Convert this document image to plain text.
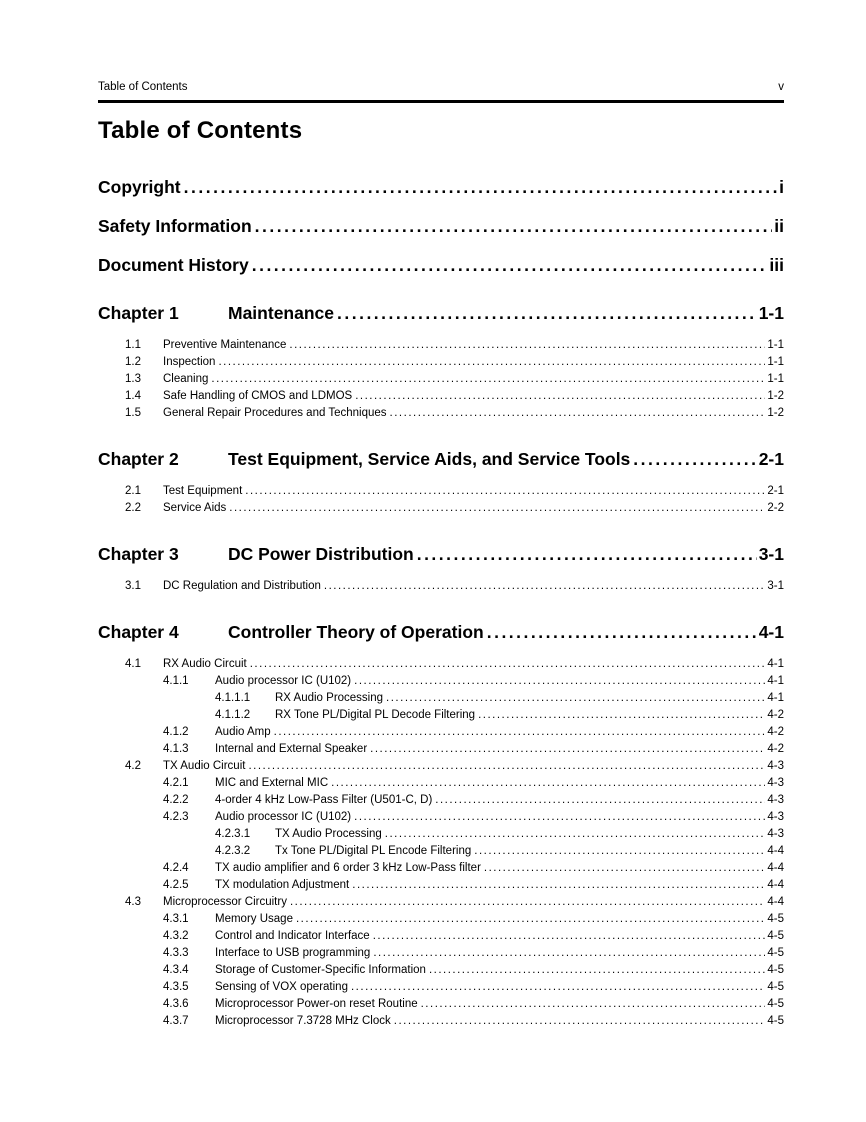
Table of Contents	v
Table of Contents
Copyright .....	i
Safety Information .....	ii
Document History .....	iii
Chapter 1	Maintenance .....	1-1
1.1	Preventive Maintenance .....	1-1
1.2	Inspection .....	1-1
1.3	Cleaning .....	1-1
1.4	Safe Handling of CMOS and LDMOS .....	1-2
1.5	General Repair Procedures and Techniques .....	1-2
Chapter 2	Test Equipment, Service Aids, and Service Tools .....	2-1
2.1	Test Equipment .....	2-1
2.2	Service Aids .....	2-2
Chapter 3	DC Power Distribution .....	3-1
3.1	DC Regulation and Distribution .....	3-1
Chapter 4	Controller Theory of Operation .....	4-1
4.1	RX Audio Circuit .....	4-1
4.1.1	Audio processor IC (U102) .....	4-1
4.1.1.1	RX Audio Processing .....	4-1
4.1.1.2	RX Tone PL/Digital PL Decode Filtering .....	4-2
4.1.2	Audio Amp .....	4-2
4.1.3	Internal and External Speaker .....	4-2
4.2	TX Audio Circuit .....	4-3
4.2.1	MIC and External MIC .....	4-3
4.2.2	4-order 4 kHz Low-Pass Filter (U501-C, D) .....	4-3
4.2.3	Audio processor IC (U102) .....	4-3
4.2.3.1	TX Audio Processing .....	4-3
4.2.3.2	Tx Tone PL/Digital PL Encode Filtering .....	4-4
4.2.4	TX audio amplifier and 6 order 3 kHz Low-Pass filter .....	4-4
4.2.5	TX modulation Adjustment .....	4-4
4.3	Microprocessor Circuitry .....	4-4
4.3.1	Memory Usage .....	4-5
4.3.2	Control and Indicator Interface .....	4-5
4.3.3	Interface to USB programming .....	4-5
4.3.4	Storage of Customer-Specific Information .....	4-5
4.3.5	Sensing of VOX operating .....	4-5
4.3.6	Microprocessor Power-on reset Routine .....	4-5
4.3.7	Microprocessor 7.3728 MHz Clock .....	4-5
